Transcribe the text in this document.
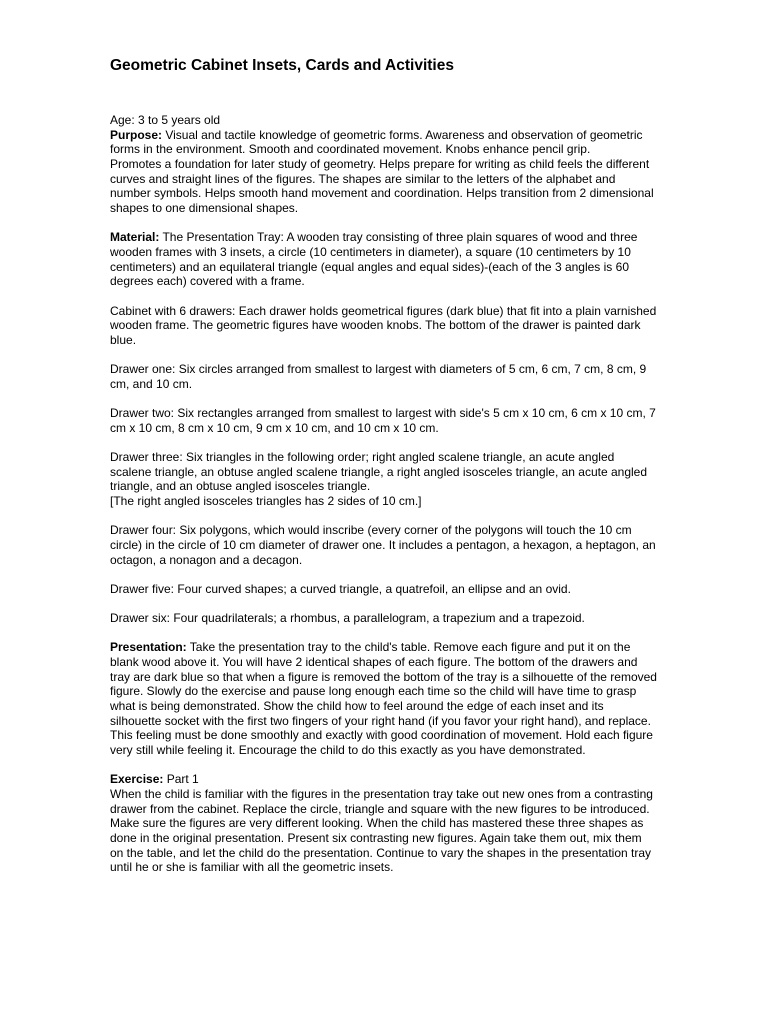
Geometric Cabinet Insets, Cards and Activities

Age: 3 to 5 years old
Purpose: Visual and tactile knowledge of geometric forms. Awareness and observation of geometric forms in the environment. Smooth and coordinated movement. Knobs enhance pencil grip.
Promotes a foundation for later study of geometry. Helps prepare for writing as child feels the different curves and straight lines of the figures. The shapes are similar to the letters of the alphabet and number symbols. Helps smooth hand movement and coordination. Helps transition from 2 dimensional shapes to one dimensional shapes.

Material: The Presentation Tray: A wooden tray consisting of three plain squares of wood and three wooden frames with 3 insets, a circle (10 centimeters in diameter), a square (10 centimeters by 10 centimeters) and an equilateral triangle (equal angles and equal sides)-(each of the 3 angles is 60 degrees each) covered with a frame.

Cabinet with 6 drawers: Each drawer holds geometrical figures (dark blue) that fit into a plain varnished wooden frame. The geometric figures have wooden knobs. The bottom of the drawer is painted dark blue.

Drawer one: Six circles arranged from smallest to largest with diameters of 5 cm, 6 cm, 7 cm, 8 cm, 9 cm, and 10 cm.

Drawer two: Six rectangles arranged from smallest to largest with side's 5 cm x 10 cm, 6 cm x 10 cm, 7 cm x 10 cm, 8 cm x 10 cm, 9 cm x 10 cm, and 10 cm x 10 cm.

Drawer three: Six triangles in the following order; right angled scalene triangle, an acute angled scalene triangle, an obtuse angled scalene triangle, a right angled isosceles triangle, an acute angled triangle, and an obtuse angled isosceles triangle.
[The right angled isosceles triangles has 2 sides of 10 cm.]

Drawer four: Six polygons, which would inscribe (every corner of the polygons will touch the 10 cm circle) in the circle of 10 cm diameter of drawer one. It includes a pentagon, a hexagon, a heptagon, an octagon, a nonagon and a decagon.

Drawer five: Four curved shapes; a curved triangle, a quatrefoil, an ellipse and an ovid.

Drawer six: Four quadrilaterals; a rhombus, a parallelogram, a trapezium and a trapezoid.

Presentation: Take the presentation tray to the child's table. Remove each figure and put it on the blank wood above it. You will have 2 identical shapes of each figure. The bottom of the drawers and tray are dark blue so that when a figure is removed the bottom of the tray is a silhouette of the removed figure. Slowly do the exercise and pause long enough each time so the child will have time to grasp what is being demonstrated. Show the child how to feel around the edge of each inset and its silhouette socket with the first two fingers of your right hand (if you favor your right hand), and replace. This feeling must be done smoothly and exactly with good coordination of movement. Hold each figure very still while feeling it. Encourage the child to do this exactly as you have demonstrated.

Exercise: Part 1
When the child is familiar with the figures in the presentation tray take out new ones from a contrasting drawer from the cabinet. Replace the circle, triangle and square with the new figures to be introduced. Make sure the figures are very different looking. When the child has mastered these three shapes as done in the original presentation. Present six contrasting new figures. Again take them out, mix them on the table, and let the child do the presentation. Continue to vary the shapes in the presentation tray until he or she is familiar with all the geometric insets.
